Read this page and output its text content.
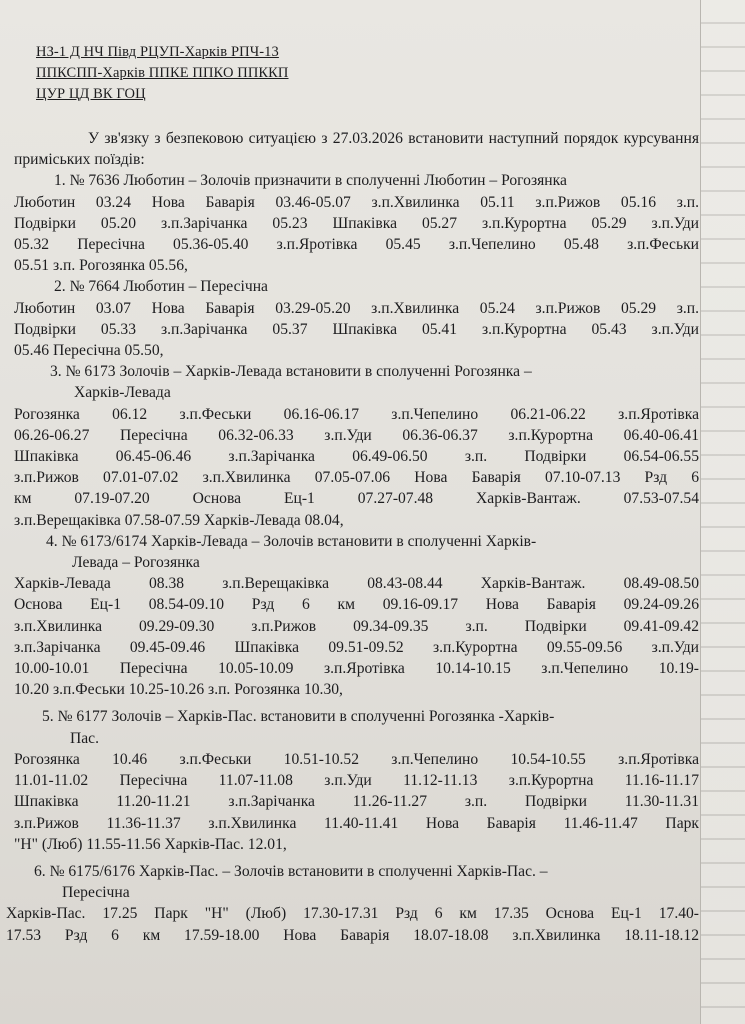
НЗ-1 Д НЧ Півд РЦУП-Харків РПЧ-13
ППКСПП-Харків ППКЕ ППКО ППККП
ЦУР ЦД ВК ГОЦ

У зв'язку з безпековою ситуацією з 27.03.2026 встановити наступний порядок курсування приміських поїздів:

1. № 7636 Люботин – Золочів призначити в сполученні Люботин – Рогозянка

Люботин 03.24 Нова Баварія 03.46-05.07 з.п.Хвилинка 05.11 з.п.Рижов 05.16 з.п.

Подвірки 05.20 з.п.Зарічанка 05.23 Шпаківка 05.27 з.п.Курортна 05.29 з.п.Уди

05.32 Пересічна 05.36-05.40 з.п.Яротівка 05.45 з.п.Чепелино 05.48 з.п.Феськи

05.51 з.п. Рогозянка 05.56,

2. № 7664 Люботин – Пересічна

Люботин 03.07 Нова Баварія 03.29-05.20 з.п.Хвилинка 05.24 з.п.Рижов 05.29 з.п.

Подвірки 05.33 з.п.Зарічанка 05.37 Шпаківка 05.41 з.п.Курортна 05.43 з.п.Уди

05.46 Пересічна 05.50,

3. № 6173 Золочів – Харків-Левада встановити в сполученні Рогозянка –

Харків-Левада

Рогозянка 06.12 з.п.Феськи 06.16-06.17 з.п.Чепелино 06.21-06.22 з.п.Яротівка

06.26-06.27 Пересічна 06.32-06.33 з.п.Уди 06.36-06.37 з.п.Курортна 06.40-06.41

Шпаківка 06.45-06.46 з.п.Зарічанка 06.49-06.50 з.п. Подвірки 06.54-06.55

з.п.Рижов 07.01-07.02 з.п.Хвилинка 07.05-07.06 Нова Баварія 07.10-07.13 Рзд 6

км 07.19-07.20 Основа Ец-1 07.27-07.48 Харків-Вантаж. 07.53-07.54

з.п.Верещаківка 07.58-07.59 Харків-Левада 08.04,

4. № 6173/6174 Харків-Левада – Золочів встановити в сполученні Харків-

Левада – Рогозянка

Харків-Левада 08.38 з.п.Верещаківка 08.43-08.44 Харків-Вантаж. 08.49-08.50

Основа Ец-1 08.54-09.10 Рзд 6 км 09.16-09.17 Нова Баварія 09.24-09.26

з.п.Хвилинка 09.29-09.30 з.п.Рижов 09.34-09.35 з.п. Подвірки 09.41-09.42

з.п.Зарічанка 09.45-09.46 Шпаківка 09.51-09.52 з.п.Курортна 09.55-09.56 з.п.Уди

10.00-10.01 Пересічна 10.05-10.09 з.п.Яротівка 10.14-10.15 з.п.Чепелино 10.19-

10.20 з.п.Феськи 10.25-10.26 з.п. Рогозянка 10.30,

5. № 6177 Золочів – Харків-Пас. встановити в сполученні Рогозянка -Харків-

Пас.

Рогозянка 10.46 з.п.Феськи 10.51-10.52 з.п.Чепелино 10.54-10.55 з.п.Яротівка

11.01-11.02 Пересічна 11.07-11.08 з.п.Уди 11.12-11.13 з.п.Курортна 11.16-11.17

Шпаківка 11.20-11.21 з.п.Зарічанка 11.26-11.27 з.п. Подвірки 11.30-11.31

з.п.Рижов 11.36-11.37 з.п.Хвилинка 11.40-11.41 Нова Баварія 11.46-11.47 Парк

"Н" (Люб) 11.55-11.56 Харків-Пас. 12.01,

6. № 6175/6176 Харків-Пас. – Золочів встановити в сполученні Харків-Пас. –

Пересічна

Харків-Пас. 17.25 Парк "Н" (Люб) 17.30-17.31 Рзд 6 км 17.35 Основа Ец-1 17.40-

17.53 Рзд 6 км 17.59-18.00 Нова Баварія 18.07-18.08 з.п.Хвилинка 18.11-18.12
